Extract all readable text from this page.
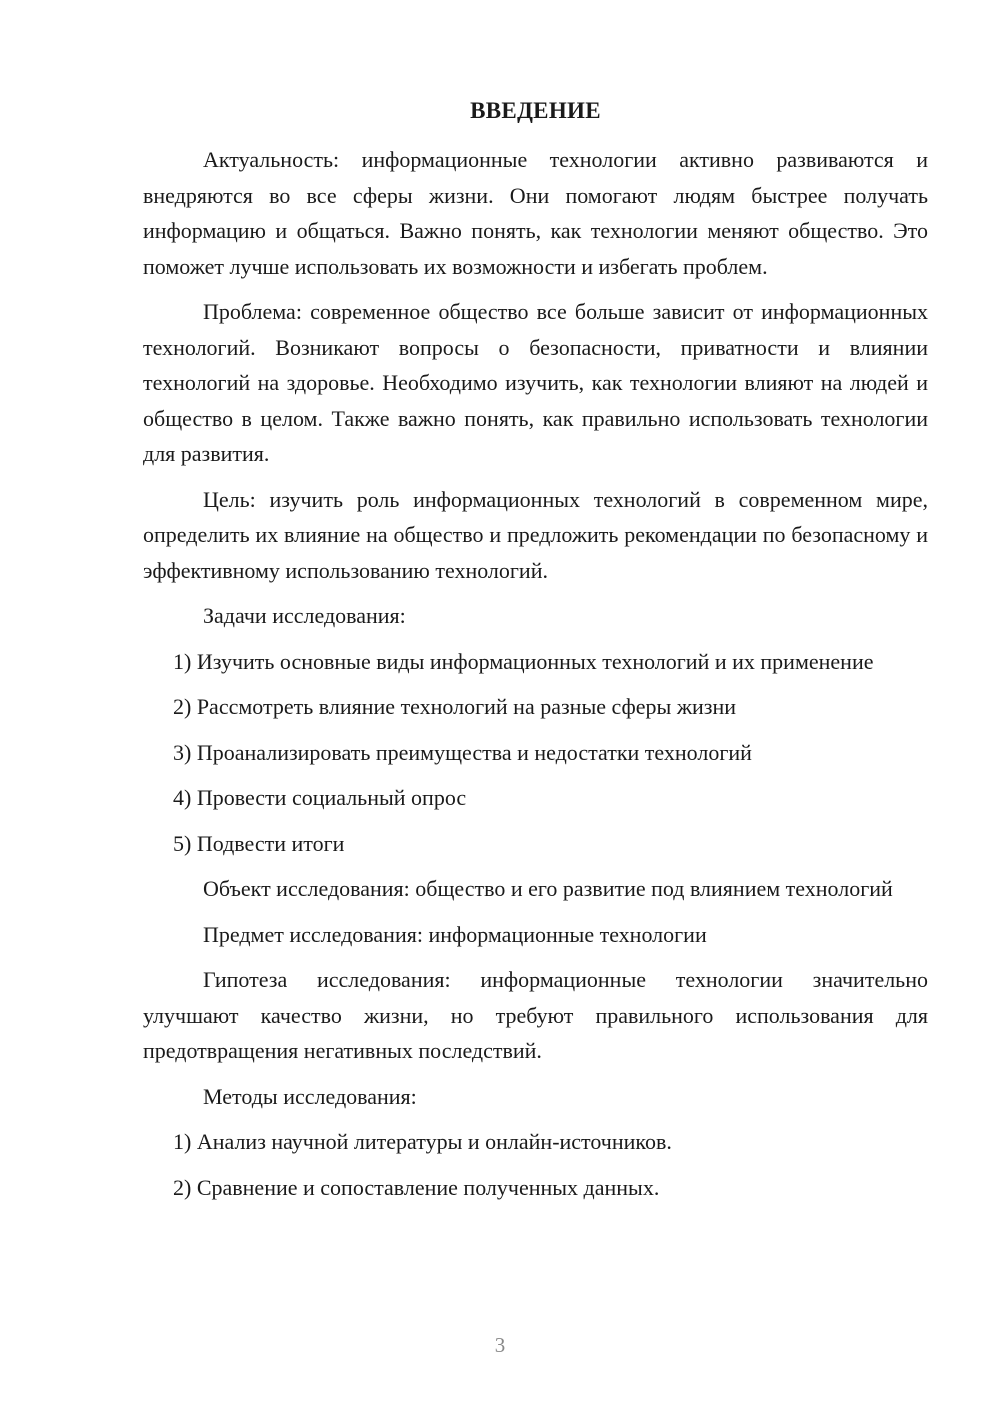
ВВЕДЕНИЕ

Актуальность: информационные технологии активно развиваются и внедряются во все сферы жизни. Они помогают людям быстрее получать информацию и общаться. Важно понять, как технологии меняют общество. Это поможет лучше использовать их возможности и избегать проблем.

Проблема: современное общество все больше зависит от информационных технологий. Возникают вопросы о безопасности, приватности и влиянии технологий на здоровье. Необходимо изучить, как технологии влияют на людей и общество в целом. Также важно понять, как правильно использовать технологии для развития.

Цель: изучить роль информационных технологий в современном мире, определить их влияние на общество и предложить рекомендации по безопасному и эффективному использованию технологий.

Задачи исследования:

1) Изучить основные виды информационных технологий и их применение

2) Рассмотреть влияние технологий на разные сферы жизни

3) Проанализировать преимущества и недостатки технологий

4) Провести социальный опрос

5) Подвести итоги

Объект исследования: общество и его развитие под влиянием технологий

Предмет исследования: информационные технологии

Гипотеза исследования: информационные технологии значительно улучшают качество жизни, но требуют правильного использования для предотвращения негативных последствий.

Методы исследования:

1) Анализ научной литературы и онлайн-источников.

2) Сравнение и сопоставление полученных данных.

3
